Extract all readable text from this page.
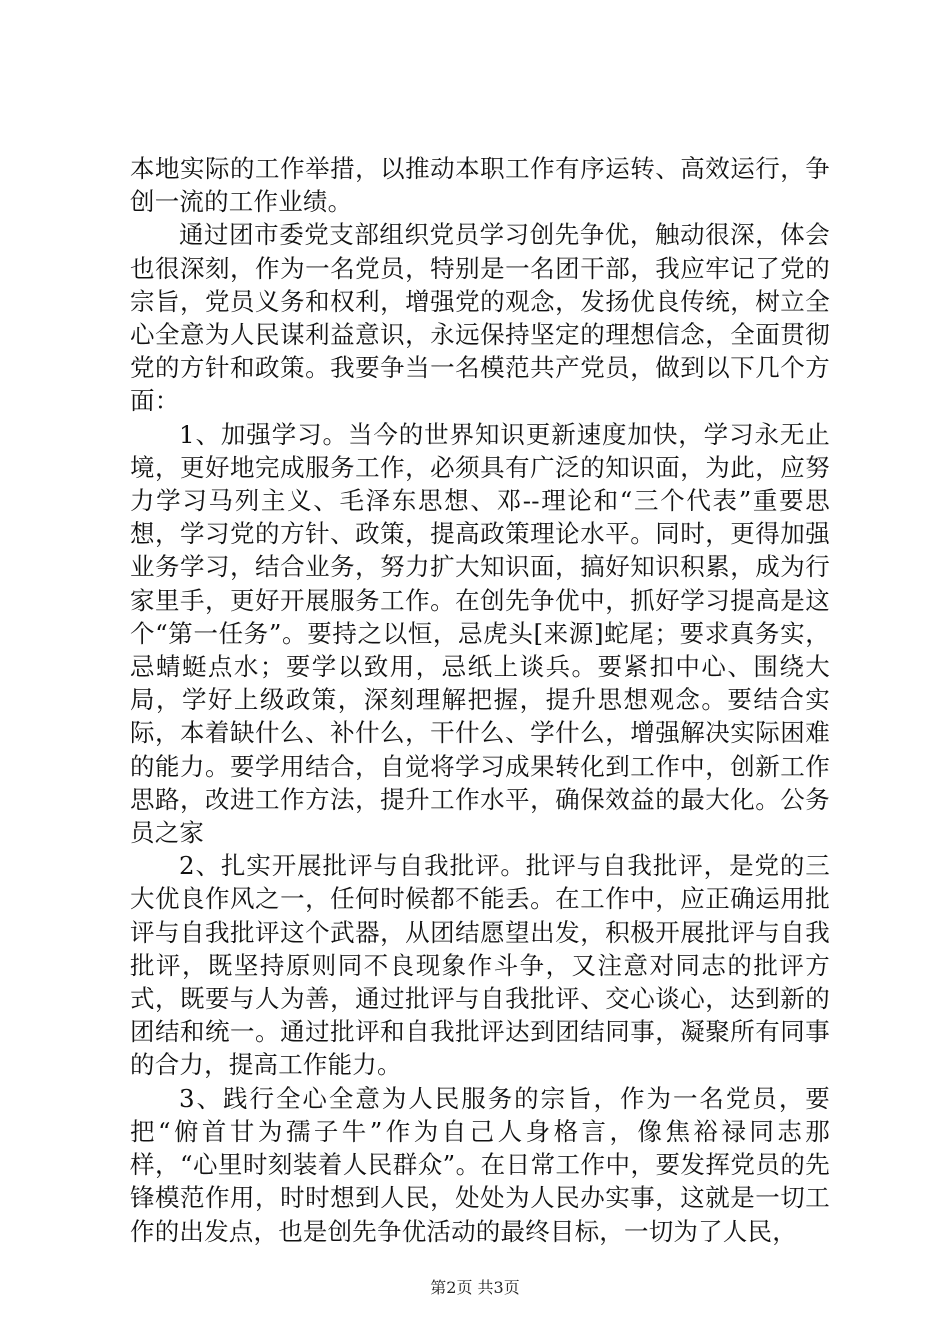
本地实际的工作举措，以推动本职工作有序运转、高效运行，争创一流的工作业绩。

通过团市委党支部组织党员学习创先争优，触动很深，体会也很深刻，作为一名党员，特别是一名团干部，我应牢记了党的宗旨，党员义务和权利，增强党的观念，发扬优良传统，树立全心全意为人民谋利益意识，永远保持坚定的理想信念，全面贯彻党的方针和政策。我要争当一名模范共产党员，做到以下几个方面：

1、加强学习。当今的世界知识更新速度加快，学习永无止境，更好地完成服务工作，必须具有广泛的知识面，为此，应努力学习马列主义、毛泽东思想、邓--理论和“三个代表”重要思想，学习党的方针、政策，提高政策理论水平。同时，更得加强业务学习，结合业务，努力扩大知识面，搞好知识积累，成为行家里手，更好开展服务工作。在创先争优中，抓好学习提高是这个“第一任务”。要持之以恒，忌虎头[来源]蛇尾；要求真务实，忌蜻蜓点水；要学以致用，忌纸上谈兵。要紧扣中心、围绕大局，学好上级政策，深刻理解把握，提升思想观念。要结合实际，本着缺什么、补什么，干什么、学什么，增强解决实际困难的能力。要学用结合，自觉将学习成果转化到工作中，创新工作思路，改进工作方法，提升工作水平，确保效益的最大化。公务员之家

2、扎实开展批评与自我批评。批评与自我批评，是党的三大优良作风之一，任何时候都不能丢。在工作中，应正确运用批评与自我批评这个武器，从团结愿望出发，积极开展批评与自我批评，既坚持原则同不良现象作斗争，又注意对同志的批评方式，既要与人为善，通过批评与自我批评、交心谈心，达到新的团结和统一。通过批评和自我批评达到团结同事，凝聚所有同事的合力，提高工作能力。

3、践行全心全意为人民服务的宗旨，作为一名党员，要把“俯首甘为孺子牛”作为自己人身格言，像焦裕禄同志那样，“心里时刻装着人民群众”。在日常工作中，要发挥党员的先锋模范作用，时时想到人民，处处为人民办实事，这就是一切工作的出发点，也是创先争优活动的最终目标，一切为了人民，

第2页 共3页
